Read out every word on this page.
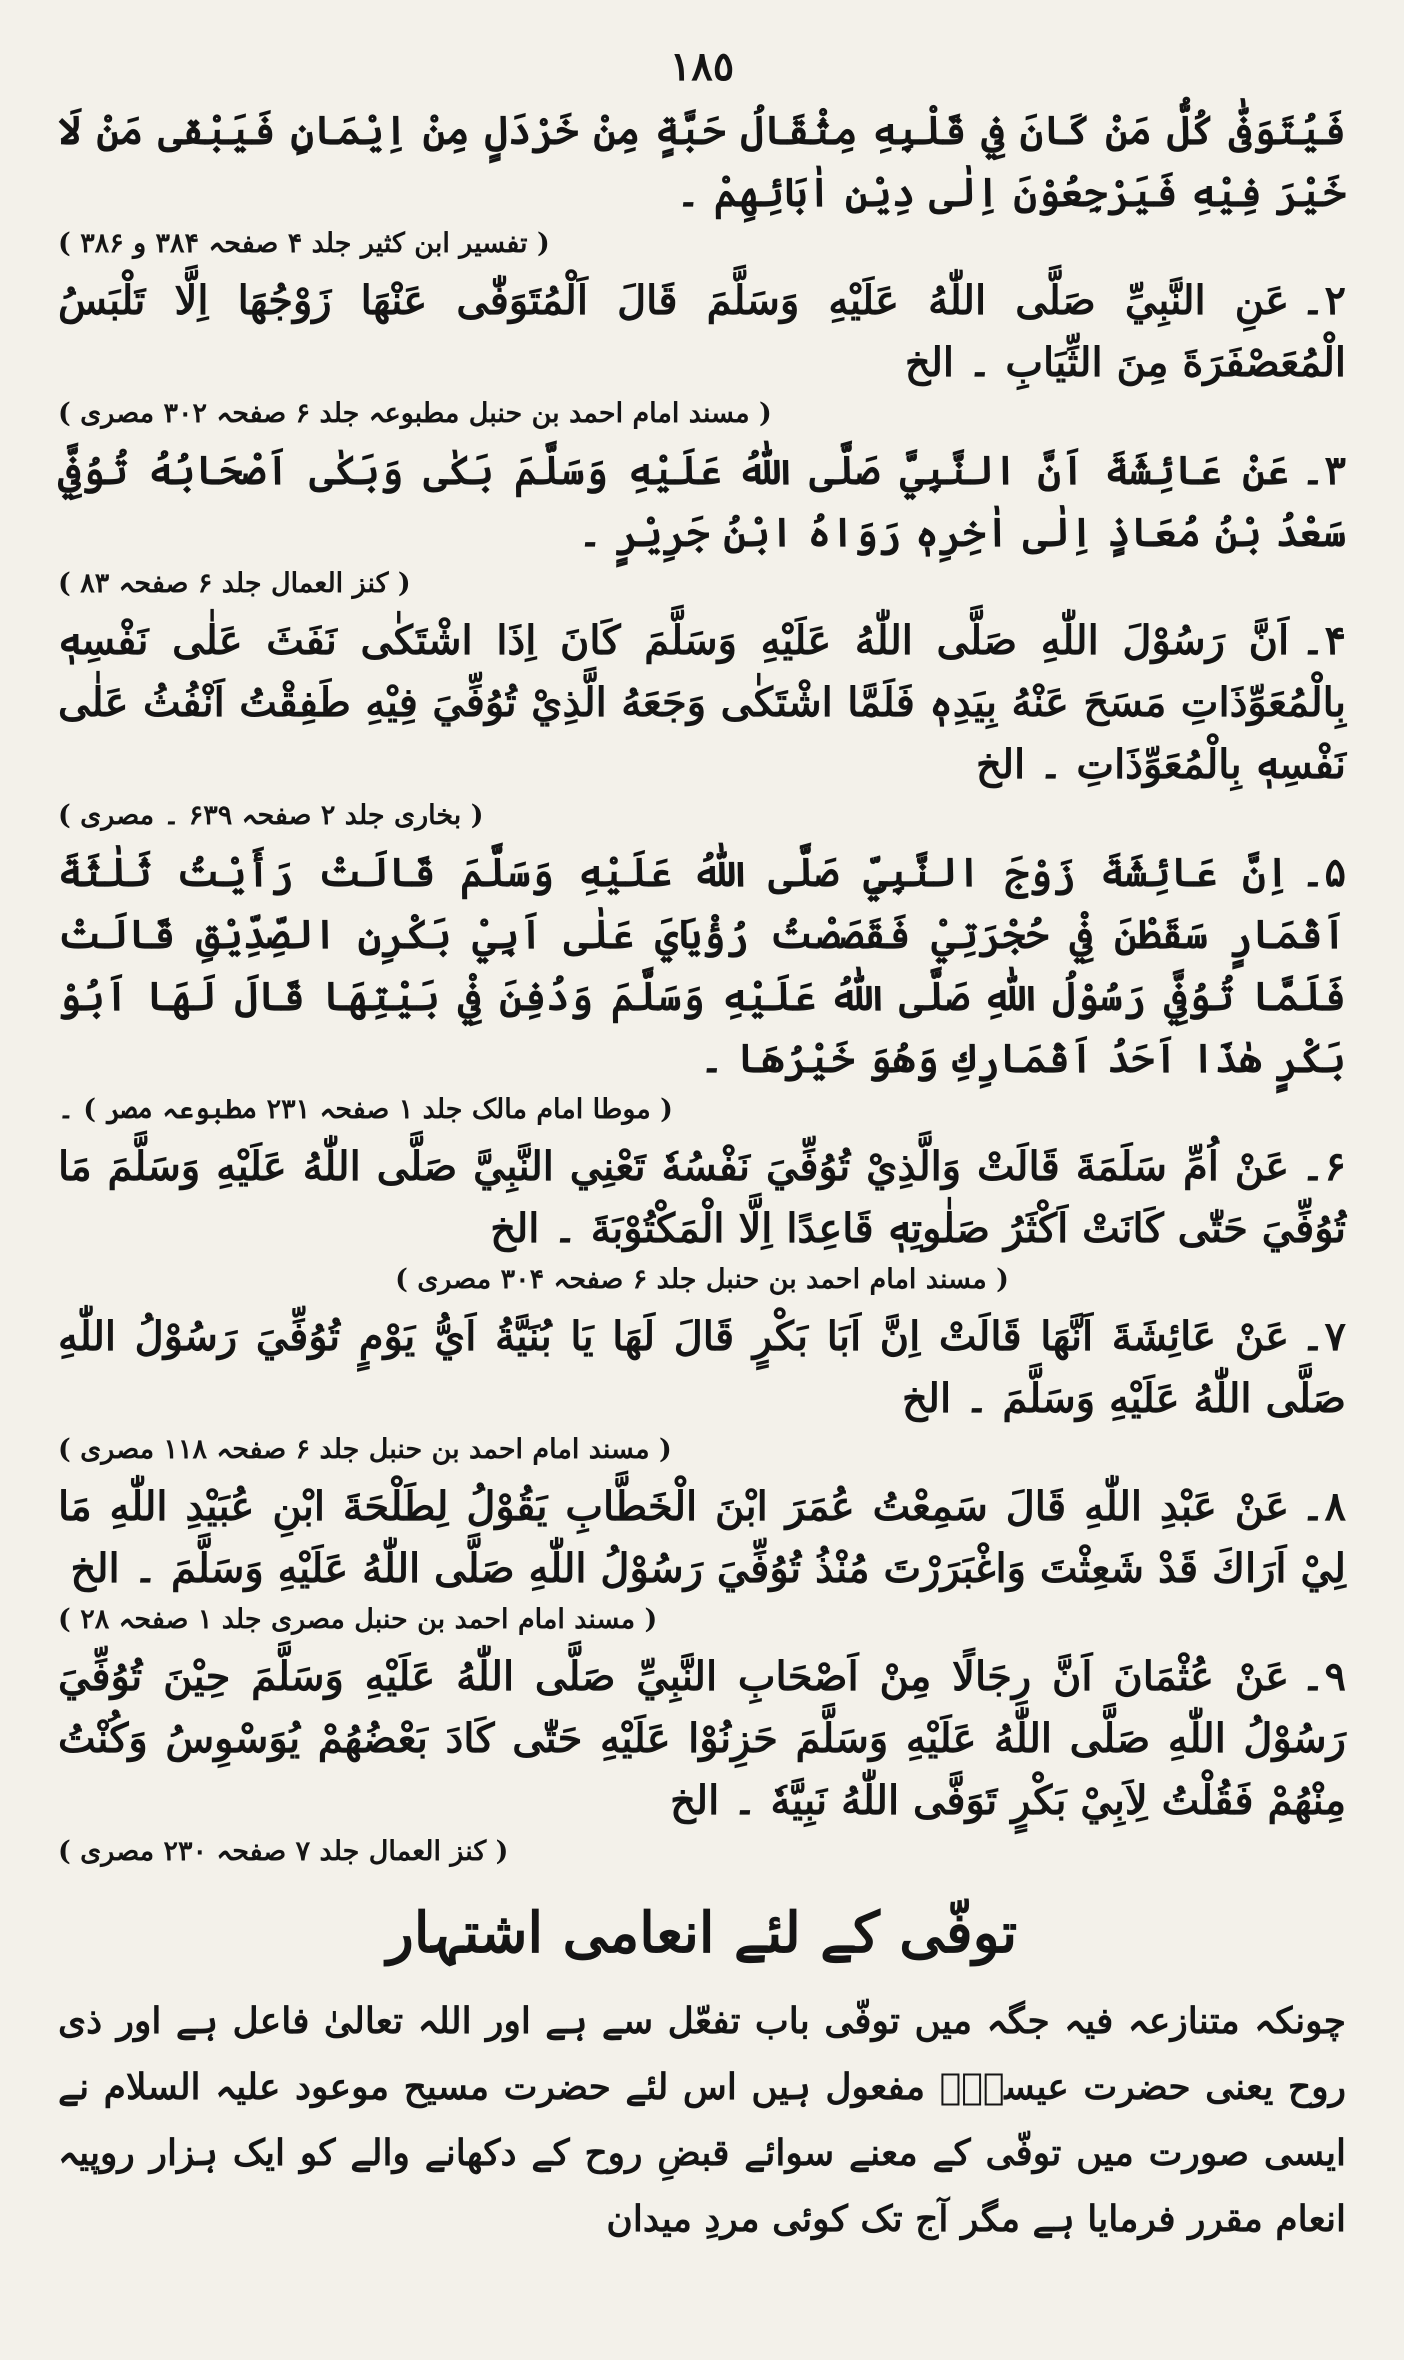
١٨٥

فَيُتَوَفّٰى كُلُّ مَنْ كَانَ فِي قَلْبِهِ مِثْقَالُ حَبَّةٍ مِنْ خَرْدَلٍ مِنْ اِيْمَانٍ فَيَبْقٰى مَنْ لَا خَيْرَ فِيْهِ فَيَرْجِعُوْنَ اِلٰى دِيْنِ اٰبَائِهِمْ ۔

( تفسیر ابن کثیر جلد ۴ صفحہ ۳۸۴ و ۳۸۶ )

۲۔عَنِ النَّبِيِّ صَلَّى اللّٰهُ عَلَيْهِ وَسَلَّمَ قَالَ اَلْمُتَوَفّٰى عَنْهَا زَوْجُهَا اِلَّا تَلْبَسُ الْمُعَصْفَرَةَ مِنَ الثِّيَابِ ۔ الخ

( مسند امام احمد بن حنبل مطبوعہ جلد ۶ صفحہ ۳۰۲ مصری )

۳۔عَنْ عَائِشَةَ اَنَّ النَّبِيَّ صَلَّى اللّٰهُ عَلَيْهِ وَسَلَّمَ بَكٰى وَبَكٰى اَصْحَابُهُ تُوُفِّيَ سَعْدُ بْنُ مُعَاذٍ اِلٰى اٰخِرِهٖ رَوَاهُ ابْنُ جَرِيْرٍ ۔

( کنز العمال جلد ۶ صفحہ ۸۳ )

۴۔اَنَّ رَسُوْلَ اللّٰهِ صَلَّى اللّٰهُ عَلَيْهِ وَسَلَّمَ كَانَ اِذَا اشْتَكٰى نَفَثَ عَلٰى نَفْسِهٖ بِالْمُعَوِّذَاتِ مَسَحَ عَنْهُ بِيَدِهٖ فَلَمَّا اشْتَكٰى وَجَعَهُ الَّذِيْ تُوُفِّيَ فِيْهِ طَفِقْتُ اَنْفُثُ عَلٰى نَفْسِهٖ بِالْمُعَوِّذَاتِ ۔ الخ

( بخاری جلد ۲ صفحہ ۶۳۹ ۔ مصری )

۵۔اِنَّ عَائِشَةَ زَوْجَ النَّبِيِّ صَلَّى اللّٰهُ عَلَيْهِ وَسَلَّمَ قَالَتْ رَأَيْتُ ثَلٰثَةَ اَقْمَارٍ سَقَطْنَ فِيْ حُجْرَتِيْ فَقَصَصْتُ رُؤْيَايَ عَلٰى اَبِيْ بَكْرِنِ الصِّدِّيْقِ قَالَتْ فَلَمَّا تُوُفِّيَ رَسُوْلُ اللّٰهِ صَلَّى اللّٰهُ عَلَيْهِ وَسَلَّمَ وَدُفِنَ فِيْ بَيْتِهَا قَالَ لَهَا اَبُوْ بَكْرٍ هٰذَا اَحَدُ اَقْمَارِكِ وَهُوَ خَيْرُهَا ۔

( موطا امام مالک جلد ۱ صفحہ ۲۳۱ مطبوعہ مصر ) ۔

۶۔عَنْ اُمِّ سَلَمَةَ قَالَتْ وَالَّذِيْ تُوُفِّيَ نَفْسُهٗ تَعْنِي النَّبِيَّ صَلَّى اللّٰهُ عَلَيْهِ وَسَلَّمَ مَا تُوُفِّيَ حَتّٰى كَانَتْ اَكْثَرُ صَلٰوتِهٖ قَاعِدًا اِلَّا الْمَكْتُوْبَةَ ۔ الخ

( مسند امام احمد بن حنبل جلد ۶ صفحہ ۳۰۴ مصری )

۷۔عَنْ عَائِشَةَ اَنَّهَا قَالَتْ اِنَّ اَبَا بَكْرٍ قَالَ لَهَا يَا بُنَيَّةُ اَيُّ يَوْمٍ تُوُفِّيَ رَسُوْلُ اللّٰهِ صَلَّى اللّٰهُ عَلَيْهِ وَسَلَّمَ ۔ الخ

( مسند امام احمد بن حنبل جلد ۶ صفحہ ۱۱۸ مصری )

۸۔عَنْ عَبْدِ اللّٰهِ قَالَ سَمِعْتُ عُمَرَ ابْنَ الْخَطَّابِ يَقُوْلُ لِطَلْحَةَ ابْنِ عُبَيْدِ اللّٰهِ مَا لِيْ اَرَاكَ قَدْ شَعِثْتَ وَاغْبَرَرْتَ مُنْذُ تُوُفِّيَ رَسُوْلُ اللّٰهِ صَلَّى اللّٰهُ عَلَيْهِ وَسَلَّمَ ۔ الخ

( مسند امام احمد بن حنبل مصری جلد ۱ صفحہ ۲۸ )

۹۔عَنْ عُثْمَانَ اَنَّ رِجَالًا مِنْ اَصْحَابِ النَّبِيِّ صَلَّى اللّٰهُ عَلَيْهِ وَسَلَّمَ حِيْنَ تُوُفِّيَ رَسُوْلُ اللّٰهِ صَلَّى اللّٰهُ عَلَيْهِ وَسَلَّمَ حَزِنُوْا عَلَيْهِ حَتّٰى كَادَ بَعْضُهُمْ يُوَسْوِسُ وَكُنْتُ مِنْهُمْ فَقُلْتُ لِاَبِيْ بَكْرٍ تَوَفَّى اللّٰهُ نَبِيَّهٗ ۔ الخ

( کنز العمال جلد ۷ صفحہ ۲۳۰ مصری )

توفّی کے لئے انعامی اشتہار

چونکہ متنازعہ فیہ جگہ میں توفّی باب تفعّل سے ہے اور اللہ تعالیٰ فاعل ہے اور ذی روح یعنی حضرت عیسیٰؑ مفعول ہیں اس لئے حضرت مسیح موعود علیہ السلام نے ایسی صورت میں توفّی کے معنے سوائے قبضِ روح کے دکھانے والے کو ایک ہزار روپیہ انعام مقرر فرمایا ہے مگر آج تک کوئی مردِ میدان
